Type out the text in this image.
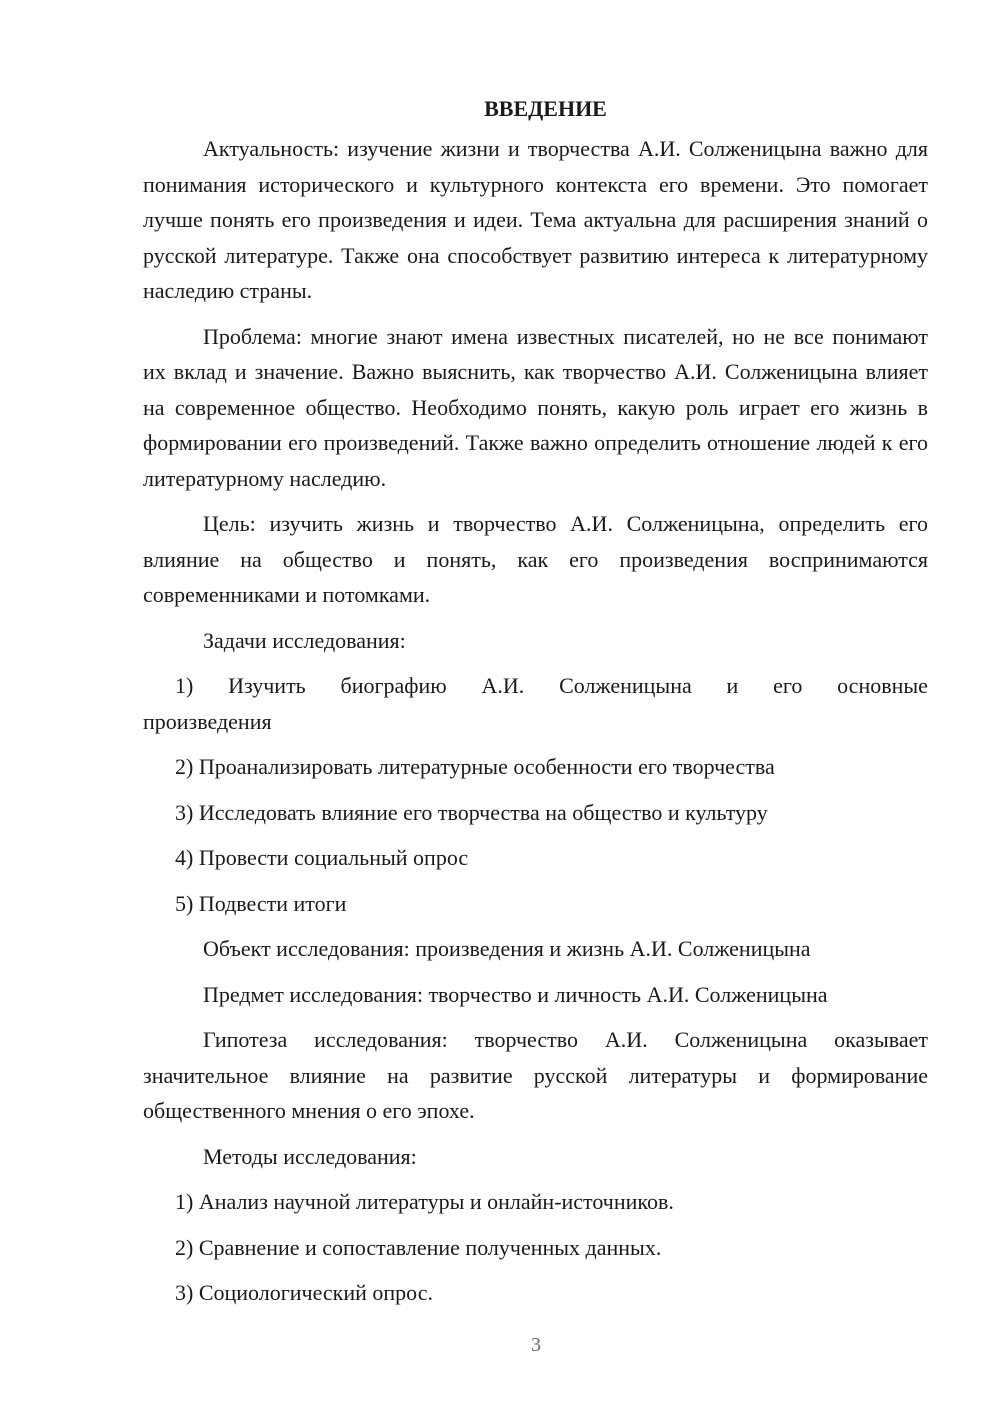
ВВЕДЕНИЕ

Актуальность: изучение жизни и творчества А.И. Солженицына важно для понимания исторического и культурного контекста его времени. Это помогает лучше понять его произведения и идеи. Тема актуальна для расширения знаний о русской литературе. Также она способствует развитию интереса к литературному наследию страны.

Проблема: многие знают имена известных писателей, но не все понимают их вклад и значение. Важно выяснить, как творчество А.И. Солженицына влияет на современное общество. Необходимо понять, какую роль играет его жизнь в формировании его произведений. Также важно определить отношение людей к его литературному наследию.

Цель: изучить жизнь и творчество А.И. Солженицына, определить его влияние на общество и понять, как его произведения воспринимаются современниками и потомками.

Задачи исследования:

1) Изучить биографию А.И. Солженицына и его основные
произведения

2) Проанализировать литературные особенности его творчества

3) Исследовать влияние его творчества на общество и культуру

4) Провести социальный опрос

5) Подвести итоги

Объект исследования: произведения и жизнь А.И. Солженицына

Предмет исследования: творчество и личность А.И. Солженицына

Гипотеза исследования: творчество А.И. Солженицына оказывает значительное влияние на развитие русской литературы и формирование общественного мнения о его эпохе.

Методы исследования:

1) Анализ научной литературы и онлайн-источников.

2) Сравнение и сопоставление полученных данных.

3) Социологический опрос.

3
